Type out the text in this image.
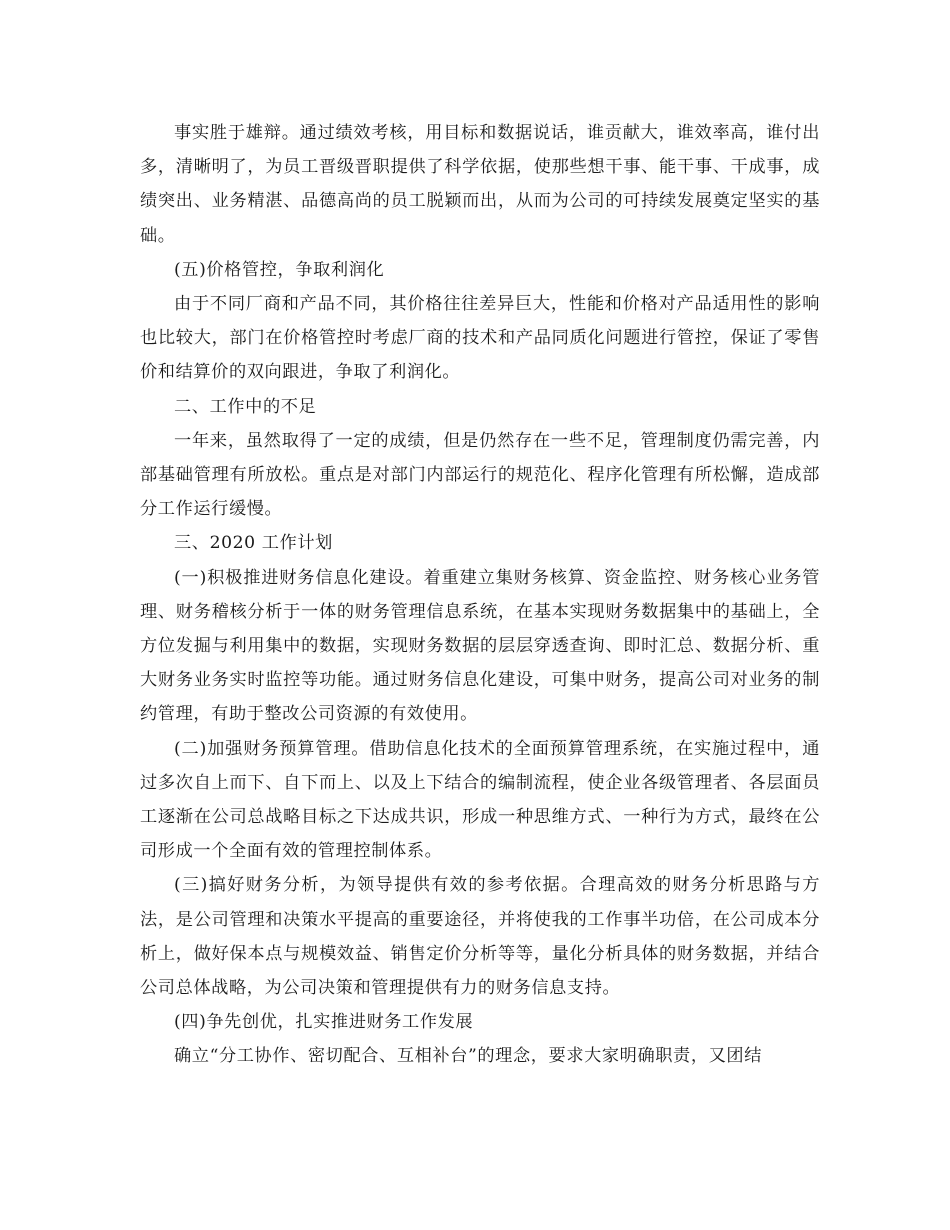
事实胜于雄辩。通过绩效考核，用目标和数据说话，谁贡献大，谁效率高，谁付出多，清晰明了，为员工晋级晋职提供了科学依据，使那些想干事、能干事、干成事，成绩突出、业务精湛、品德高尚的员工脱颖而出，从而为公司的可持续发展奠定坚实的基础。

(五)价格管控，争取利润化

由于不同厂商和产品不同，其价格往往差异巨大，性能和价格对产品适用性的影响也比较大，部门在价格管控时考虑厂商的技术和产品同质化问题进行管控，保证了零售价和结算价的双向跟进，争取了利润化。

二、工作中的不足

一年来，虽然取得了一定的成绩，但是仍然存在一些不足，管理制度仍需完善，内部基础管理有所放松。重点是对部门内部运行的规范化、程序化管理有所松懈，造成部分工作运行缓慢。

三、2020 工作计划

(一)积极推进财务信息化建设。着重建立集财务核算、资金监控、财务核心业务管理、财务稽核分析于一体的财务管理信息系统，在基本实现财务数据集中的基础上，全方位发掘与利用集中的数据，实现财务数据的层层穿透查询、即时汇总、数据分析、重大财务业务实时监控等功能。通过财务信息化建设，可集中财务，提高公司对业务的制约管理，有助于整改公司资源的有效使用。

(二)加强财务预算管理。借助信息化技术的全面预算管理系统，在实施过程中，通过多次自上而下、自下而上、以及上下结合的编制流程，使企业各级管理者、各层面员工逐渐在公司总战略目标之下达成共识，形成一种思维方式、一种行为方式，最终在公司形成一个全面有效的管理控制体系。

(三)搞好财务分析，为领导提供有效的参考依据。合理高效的财务分析思路与方法，是公司管理和决策水平提高的重要途径，并将使我的工作事半功倍，在公司成本分析上，做好保本点与规模效益、销售定价分析等等，量化分析具体的财务数据，并结合公司总体战略，为公司决策和管理提供有力的财务信息支持。

(四)争先创优，扎实推进财务工作发展

确立“分工协作、密切配合、互相补台”的理念，要求大家明确职责，又团结
